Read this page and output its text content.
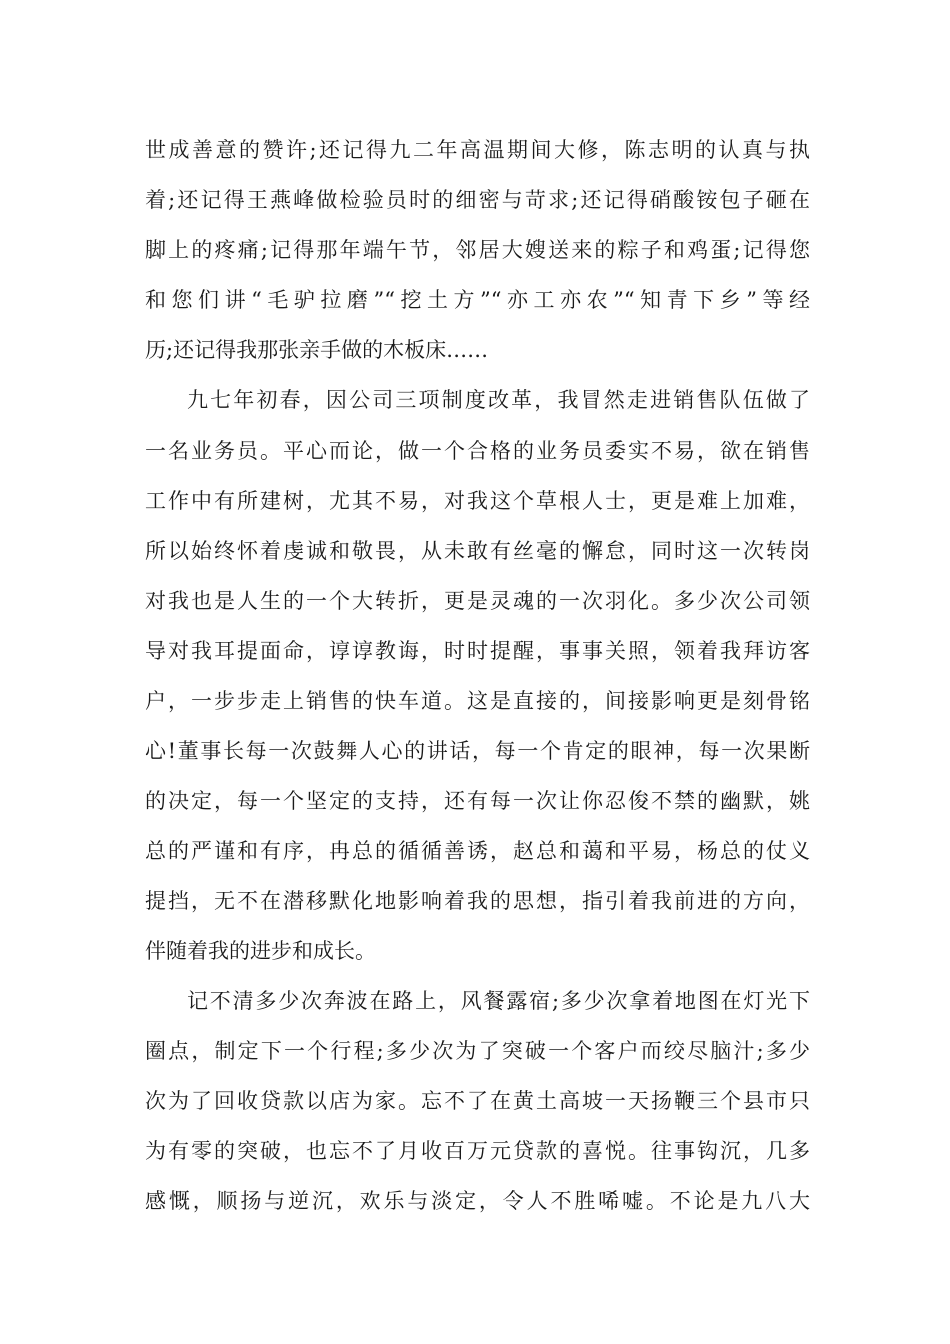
世成善意的赞许;还记得九二年高温期间大修，陈志明的认真与执
着;还记得王燕峰做检验员时的细密与苛求;还记得硝酸铵包子砸在
脚上的疼痛;记得那年端午节，邻居大嫂送来的粽子和鸡蛋;记得您
和您们讲“毛驴拉磨”“挖土方”“亦工亦农”“知青下乡”等经
历;还记得我那张亲手做的木板床……
九七年初春，因公司三项制度改革，我冒然走进销售队伍做了
一名业务员。平心而论，做一个合格的业务员委实不易，欲在销售
工作中有所建树，尤其不易，对我这个草根人士，更是难上加难，
所以始终怀着虔诚和敬畏，从未敢有丝毫的懈怠，同时这一次转岗
对我也是人生的一个大转折，更是灵魂的一次羽化。多少次公司领
导对我耳提面命，谆谆教诲，时时提醒，事事关照，领着我拜访客
户，一步步走上销售的快车道。这是直接的，间接影响更是刻骨铭
心!董事长每一次鼓舞人心的讲话，每一个肯定的眼神，每一次果断
的决定，每一个坚定的支持，还有每一次让你忍俊不禁的幽默，姚
总的严谨和有序，冉总的循循善诱，赵总和蔼和平易，杨总的仗义
提挡，无不在潜移默化地影响着我的思想，指引着我前进的方向，
伴随着我的进步和成长。
记不清多少次奔波在路上，风餐露宿;多少次拿着地图在灯光下
圈点，制定下一个行程;多少次为了突破一个客户而绞尽脑汁;多少
次为了回收贷款以店为家。忘不了在黄土高坡一天扬鞭三个县市只
为有零的突破，也忘不了月收百万元贷款的喜悦。往事钩沉，几多
感慨，顺扬与逆沉，欢乐与淡定，令人不胜唏嘘。不论是九八大
